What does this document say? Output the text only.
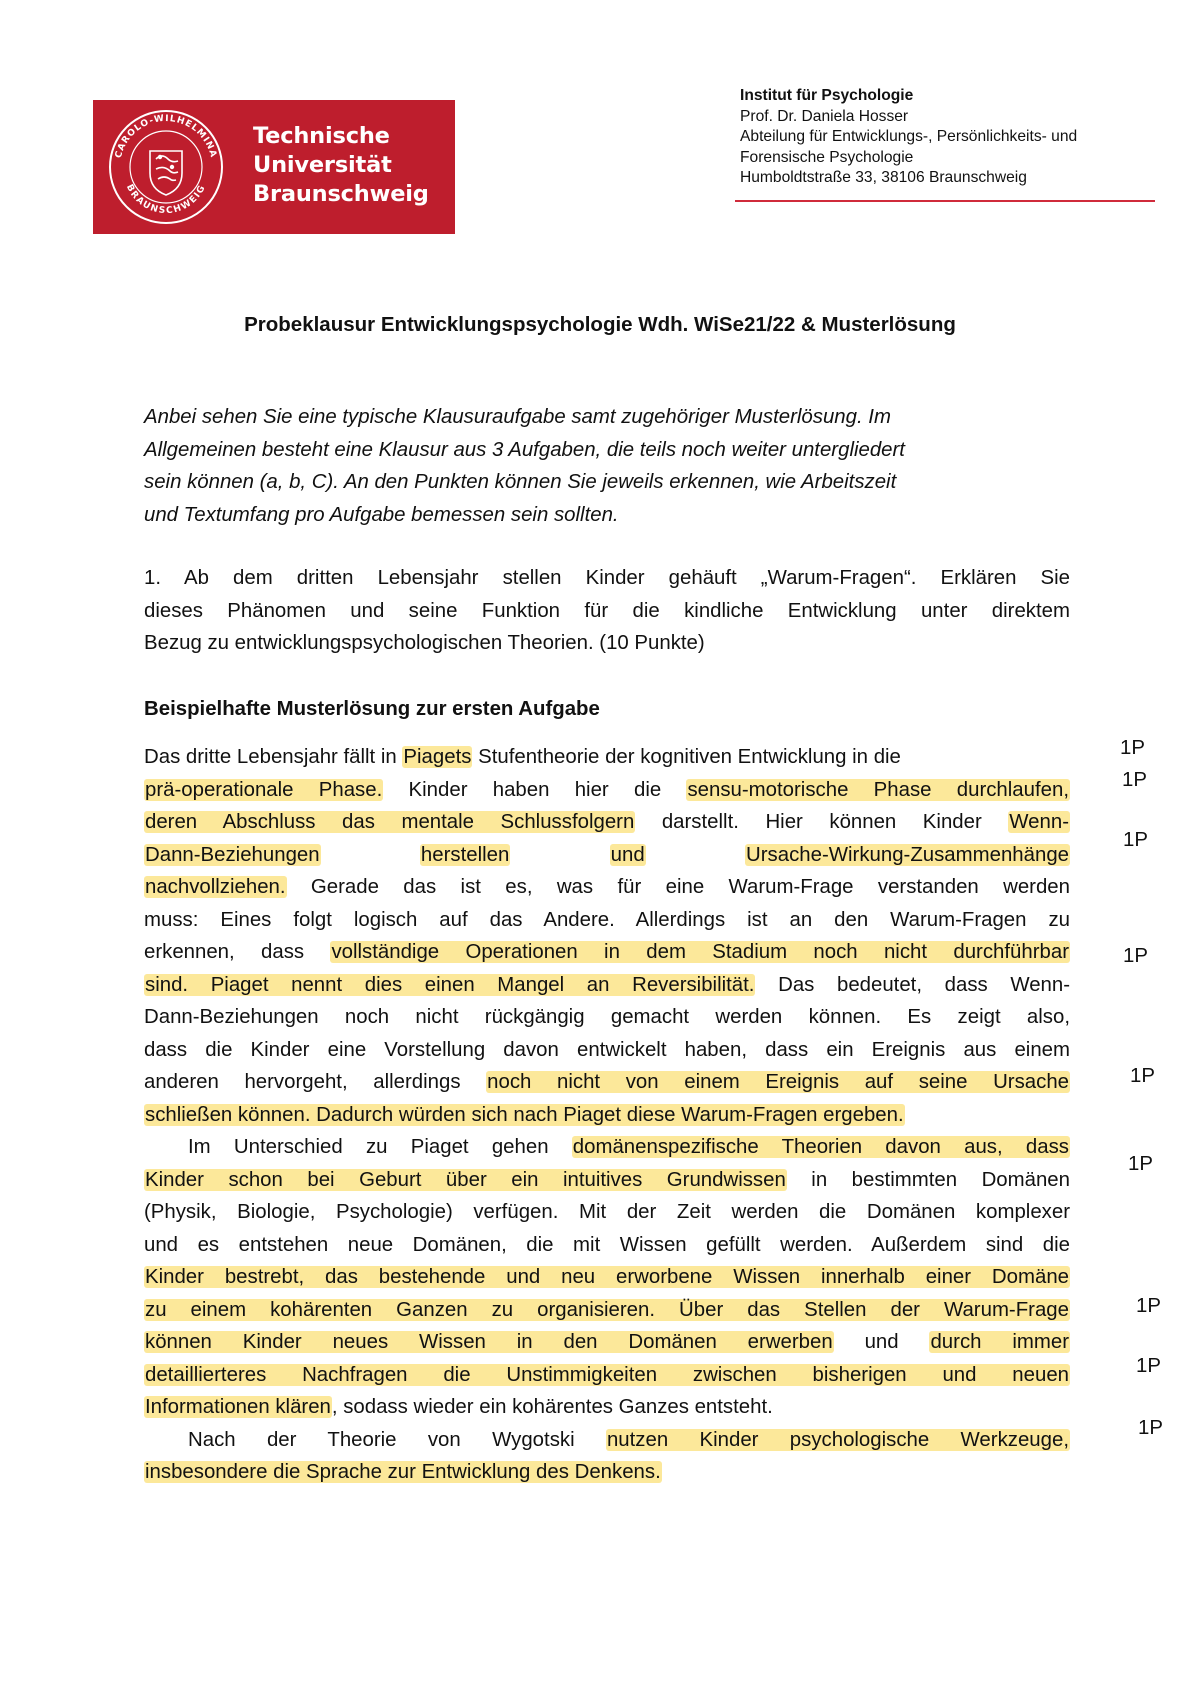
CAROLO-WILHELMINA
BRAUNSCHWEIG
Technische
Universität
Braunschweig
Institut für Psychologie
Prof. Dr. Daniela Hosser
Abteilung für Entwicklungs-, Persönlichkeits- und
Forensische Psychologie
Humboldtstraße 33, 38106 Braunschweig
Probeklausur Entwicklungspsychologie Wdh. WiSe21/22 & Musterlösung
Anbei sehen Sie eine typische Klausuraufgabe samt zugehöriger Musterlösung. Im
Allgemeinen besteht eine Klausur aus 3 Aufgaben, die teils noch weiter untergliedert
sein können (a, b, C). An den Punkten können Sie jeweils erkennen, wie Arbeitszeit
und Textumfang pro Aufgabe bemessen sein sollten.
1. Ab dem dritten Lebensjahr stellen Kinder gehäuft „Warum-Fragen“. Erklären Sie
dieses Phänomen und seine Funktion für die kindliche Entwicklung unter direktem
Bezug zu entwicklungspsychologischen Theorien. (10 Punkte)
Beispielhafte Musterlösung zur ersten Aufgabe
Das dritte Lebensjahr fällt in Piagets Stufentheorie der kognitiven Entwicklung in die
prä-operationale Phase. Kinder haben hier die sensu-motorische Phase durchlaufen,
deren Abschluss das mentale Schlussfolgern darstellt. Hier können Kinder Wenn-
Dann-Beziehungen	herstellen	und	Ursache-Wirkung-Zusammenhänge
nachvollziehen. Gerade das ist es, was für eine Warum-Frage verstanden werden
muss: Eines folgt logisch auf das Andere. Allerdings ist an den Warum-Fragen zu
erkennen, dass vollständige Operationen in dem Stadium noch nicht durchführbar
sind. Piaget nennt dies einen Mangel an Reversibilität. Das bedeutet, dass Wenn-
Dann-Beziehungen noch nicht rückgängig gemacht werden können. Es zeigt also,
dass die Kinder eine Vorstellung davon entwickelt haben, dass ein Ereignis aus einem
anderen hervorgeht, allerdings noch nicht von einem Ereignis auf seine Ursache
schließen können. Dadurch würden sich nach Piaget diese Warum-Fragen ergeben.
Im Unterschied zu Piaget gehen domänenspezifische Theorien davon aus, dass
Kinder schon bei Geburt über ein intuitives Grundwissen in bestimmten Domänen
(Physik, Biologie, Psychologie) verfügen. Mit der Zeit werden die Domänen komplexer
und es entstehen neue Domänen, die mit Wissen gefüllt werden. Außerdem sind die
Kinder bestrebt, das bestehende und neu erworbene Wissen innerhalb einer Domäne
zu einem kohärenten Ganzen zu organisieren. Über das Stellen der Warum-Frage
können Kinder neues Wissen in den Domänen erwerben und durch immer
detaillierteres Nachfragen die Unstimmigkeiten zwischen bisherigen und neuen
Informationen klären, sodass wieder ein kohärentes Ganzes entsteht.
Nach der Theorie von Wygotski nutzen Kinder psychologische Werkzeuge,
insbesondere die Sprache zur Entwicklung des Denkens.
1P
1P
1P
1P
1P
1P
1P
1P
1P
